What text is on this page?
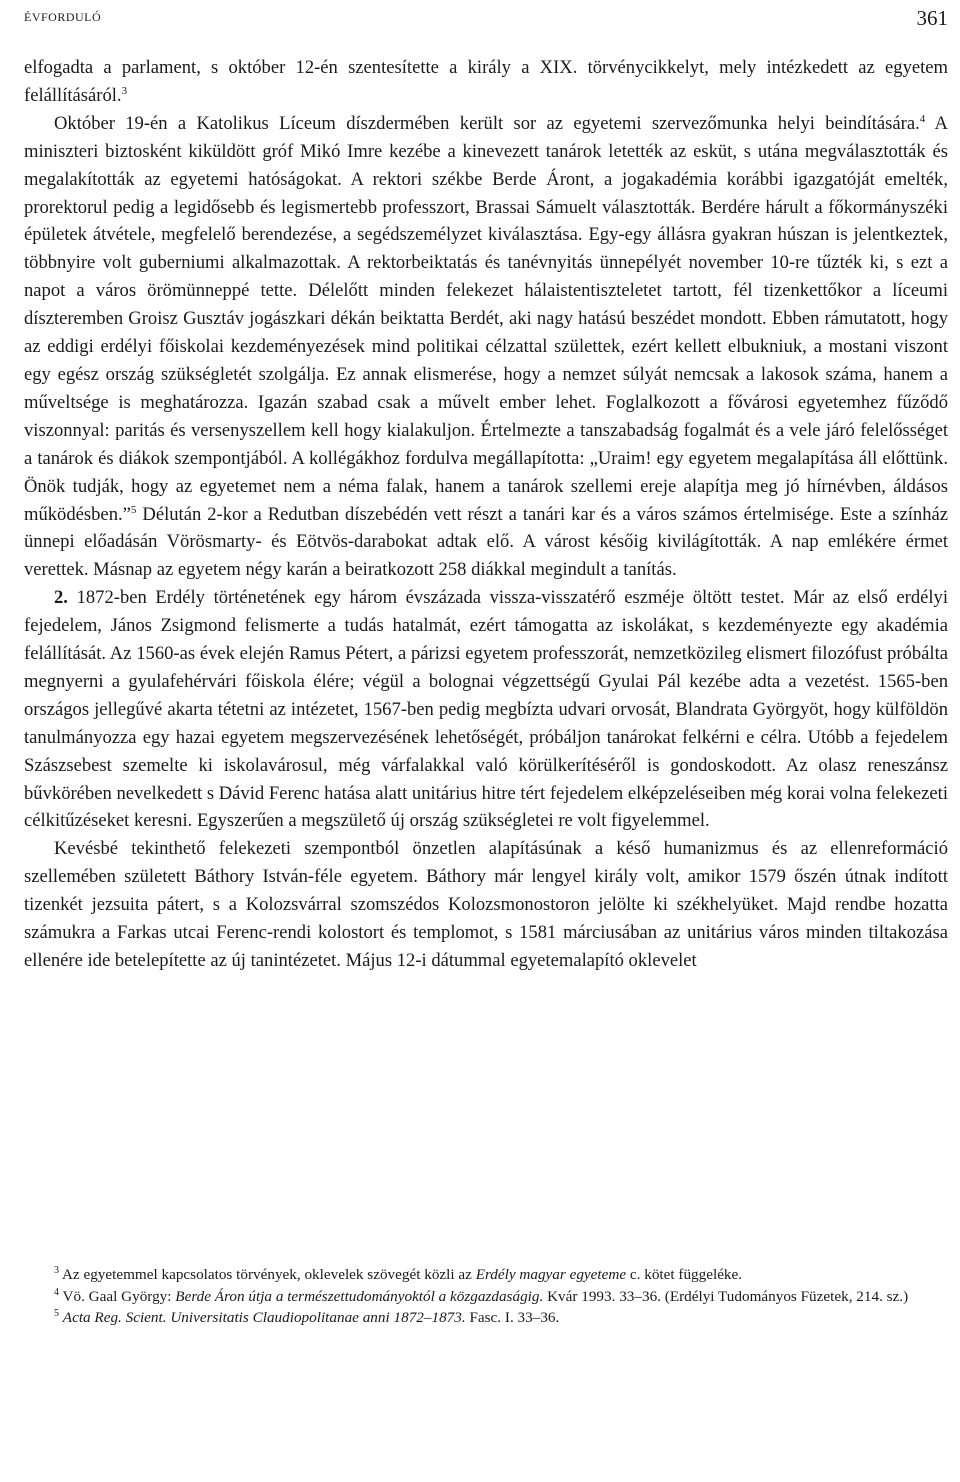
ÉVFORDULÓ	361

elfogadta a parlament, s október 12-én szentesítette a király a XIX. törvénycikkelyt, mely intézkedett az egyetem felállításáról.$^3$

Október 19-én a Katolikus Líceum díszdermében került sor az egyetemi szervezőmunka helyi beindítására.$^4$ A miniszteri biztosként kiküldött gróf Mikó Imre kezébe a kinevezett tanárok letették az esküt, s utána megválasztották és megalakították az egyetemi hatóságokat. A rektori székbe Berde Áront, a jogakadémia korábbi igazgatóját emelték, prorektorul pedig a legidősebb és legismertebb professzort, Brassai Sámuelt választották. Berdére hárult a főkormányszéki épületek átvétele, megfelelő berendezése, a segédszemélyzet kiválasztása. Egy-egy állásra gyakran húszan is jelentkeztek, többnyire volt guberniumi alkalmazottak. A rektorbeiktatás és tanévnyitás ünnepélyét november 10-re tűzték ki, s ezt a napot a város örömünneppé tette. Délelőtt minden felekezet hálaistentiszteletet tartott, fél tizenkettőkor a líceumi díszteremben Groisz Gusztáv jogászkari dékán beiktatta Berdét, aki nagy hatású beszédet mondott. Ebben rámutatott, hogy az eddigi erdélyi főiskolai kezdeményezések mind politikai célzattal születtek, ezért kellett elbukniuk, a mostani viszont egy egész ország szükségletét szolgálja. Ez annak elismerése, hogy a nemzet súlyát nemcsak a lakosok száma, hanem a műveltsége is meghatározza. Igazán szabad csak a művelt ember lehet. Foglalkozott a fővárosi egyetemhez fűződő viszonnyal: paritás és versenyszellem kell hogy kialakuljon. Értelmezte a tanszabadság fogalmát és a vele járó felelősséget a tanárok és diákok szempontjából. A kollégákhoz fordulva megállapította: „Uraim! egy egyetem megalapítása áll előttünk. Önök tudják, hogy az egyetemet nem a néma falak, hanem a tanárok szellemi ereje alapítja meg jó hírnévben, áldásos működésben.”$^5$ Délután 2-kor a Redutban díszebédén vett részt a tanári kar és a város számos értelmisége. Este a színház ünnepi előadásán Vörösmarty- és Eötvös-darabokat adtak elő. A várost későig kivilágították. A nap emlékére érmet verettek. Másnap az egyetem négy karán a beiratkozott 258 diákkal megindult a tanítás.

2. 1872-ben Erdély történetének egy három évszázada vissza-visszatérő eszméje öltött testet. Már az első erdélyi fejedelem, János Zsigmond felismerte a tudás hatalmát, ezért támogatta az iskolákat, s kezdeményezte egy akadémia felállítását. Az 1560-as évek elején Ramus Pétert, a párizsi egyetem professzorát, nemzetközileg elismert filozófust próbálta megnyerni a gyulafehérvári főiskola élére; végül a bolognai végzettségű Gyulai Pál kezébe adta a vezetést. 1565-ben országos jellegűvé akarta tétetni az intézetet, 1567-ben pedig megbízta udvari orvosát, Blandrata Györgyöt, hogy külföldön tanulmányozza egy hazai egyetem megszervezésének lehetőségét, próbáljon tanárokat felkérni e célra. Utóbb a fejedelem Szászsebest szemelte ki iskolavárosul, még várfalakkal való körülkerítéséről is gondoskodott. Az olasz reneszánsz bűvkörében nevelkedett s Dávid Ferenc hatása alatt unitárius hitre tért fejedelem elképzeléseiben még korai volna felekezeti célkitűzéseket keresni. Egyszerűen a megszülető új ország szükségletei re volt figyelemmel.

Kevésbé tekinthető felekezeti szempontból önzetlen alapításúnak a késő humanizmus és az ellenreformáció szellemében született Báthory István-féle egyetem. Báthory már lengyel király volt, amikor 1579 őszén útnak indított tizenkét jezsuita pátert, s a Kolozsvárral szomszédos Kolozsmonostoron jelölte ki székhelyüket. Majd rendbe hozatta számukra a Farkas utcai Ferenc-rendi kolostort és templomot, s 1581 márciusában az unitárius város minden tiltakozása ellenére ide betelepítette az új tanintézetet. Május 12-i dátummal egyetemalapító oklevelet

$^3$ Az egyetemmel kapcsolatos törvények, oklevelek szövegét közli az Erdély magyar egyeteme c. kötet függeléke.

$^4$ Vö. Gaal György: Berde Áron útja a természettudományoktól a közgazdaságig. Kvár 1993. 33–36. (Erdélyi Tudományos Füzetek, 214. sz.)

$^5$ Acta Reg. Scient. Universitatis Claudiopolitanae anni 1872–1873. Fasc. I. 33–36.
